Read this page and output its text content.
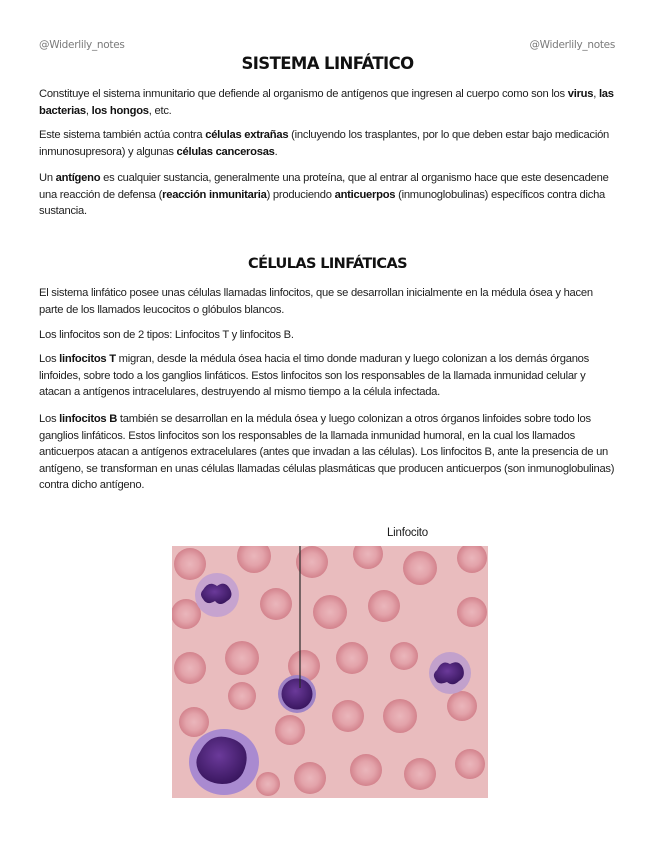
@Widerlily_notes	@Widerlily_notes
SISTEMA LINFÁTICO

Constituye el sistema inmunitario que defiende al organismo de antígenos que ingresen al cuerpo como son los virus, las bacterias, los hongos, etc.

Este sistema también actúa contra células extrañas (incluyendo los trasplantes, por lo que deben estar bajo medicación inmunosupresora) y algunas células cancerosas.

Un antígeno es cualquier sustancia, generalmente una proteína, que al entrar al organismo hace que este desencadene una reacción de defensa (reacción inmunitaria) produciendo anticuerpos (inmunoglobulinas) específicos contra dicha sustancia.

CÉLULAS LINFÁTICAS

El sistema linfático posee unas células llamadas linfocitos, que se desarrollan inicialmente en la médula ósea y hacen parte de los llamados leucocitos o glóbulos blancos.

Los linfocitos son de 2 tipos: Linfocitos T y linfocitos B.

Los linfocitos T migran, desde la médula ósea hacia el timo donde maduran y luego colonizan a los demás órganos linfoides, sobre todo a los ganglios linfáticos. Estos linfocitos son los responsables de la llamada inmunidad celular y atacan a antígenos intracelulares, destruyendo al mismo tiempo a la célula infectada.

Los linfocitos B también se desarrollan en la médula ósea y luego colonizan a otros órganos linfoides sobre todo los ganglios linfáticos. Estos linfocitos son los responsables de la llamada inmunidad humoral, en la cual los llamados anticuerpos atacan a antígenos extracelulares (antes que invadan a las células). Los linfocitos B, ante la presencia de un antígeno, se transforman en unas células llamadas células plasmáticas que producen anticuerpos (son inmunoglobulinas) contra dicho antígeno.

Linfocito
